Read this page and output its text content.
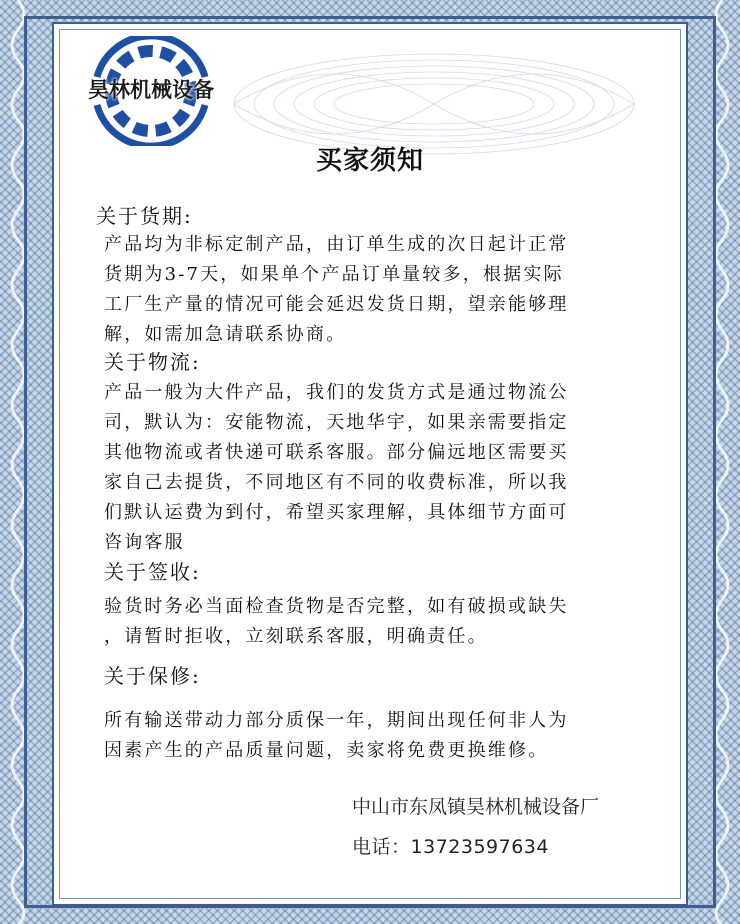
昊林机械设备
买家须知
关于货期:
产品均为非标定制产品，由订单生成的次日起计正常
货期为3-7天，如果单个产品订单量较多，根据实际
工厂生产量的情况可能会延迟发货日期，望亲能够理
解，如需加急请联系协商。
关于物流:
产品一般为大件产品，我们的发货方式是通过物流公
司，默认为：安能物流，天地华宇，如果亲需要指定
其他物流或者快递可联系客服。部分偏远地区需要买
家自己去提货，不同地区有不同的收费标准，所以我
们默认运费为到付，希望买家理解，具体细节方面可
咨询客服
关于签收:
验货时务必当面检查货物是否完整，如有破损或缺失
，请暂时拒收，立刻联系客服，明确责任。
关于保修:
所有输送带动力部分质保一年，期间出现任何非人为
因素产生的产品质量问题，卖家将免费更换维修。
中山市东凤镇昊林机械设备厂
电话：13723597634
